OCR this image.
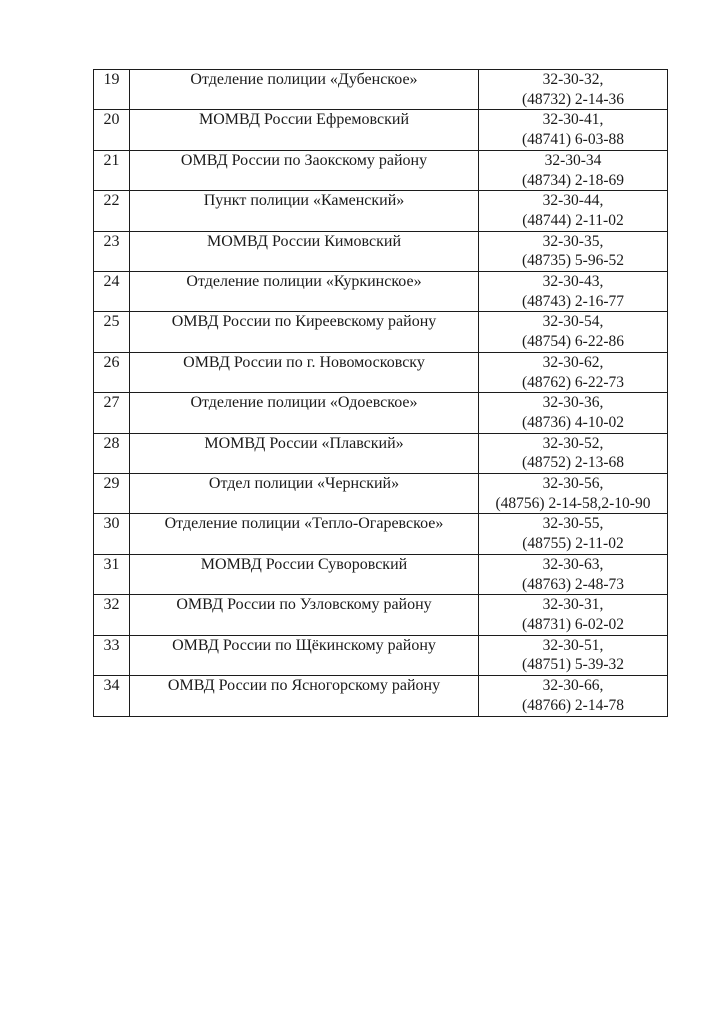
19	Отделение полиции «Дубенское»	32-30-32,
(48732) 2-14-36

20	МОМВД России Ефремовский	32-30-41,
(48741) 6-03-88

21	ОМВД России по Заокскому району	32-30-34
(48734) 2-18-69

22	Пункт полиции «Каменский»	32-30-44,
(48744) 2-11-02

23	МОМВД России Кимовский	32-30-35,
(48735) 5-96-52

24	Отделение полиции «Куркинское»	32-30-43,
(48743) 2-16-77

25	ОМВД России по Киреевскому району	32-30-54,
(48754) 6-22-86

26	ОМВД России по г. Новомосковску	32-30-62,
(48762) 6-22-73

27	Отделение полиции «Одоевское»	32-30-36,
(48736) 4-10-02

28	МОМВД России «Плавский»	32-30-52,
(48752) 2-13-68

29	Отдел полиции «Чернский»	32-30-56,
(48756) 2-14-58,2-10-90

30	Отделение полиции «Тепло-Огаревское»	32-30-55,
(48755) 2-11-02

31	МОМВД России Суворовский	32-30-63,
(48763) 2-48-73

32	ОМВД России по Узловскому району	32-30-31,
(48731) 6-02-02

33	ОМВД России по Щёкинскому району	32-30-51,
(48751) 5-39-32

34	ОМВД России по Ясногорскому району	32-30-66,
(48766) 2-14-78
